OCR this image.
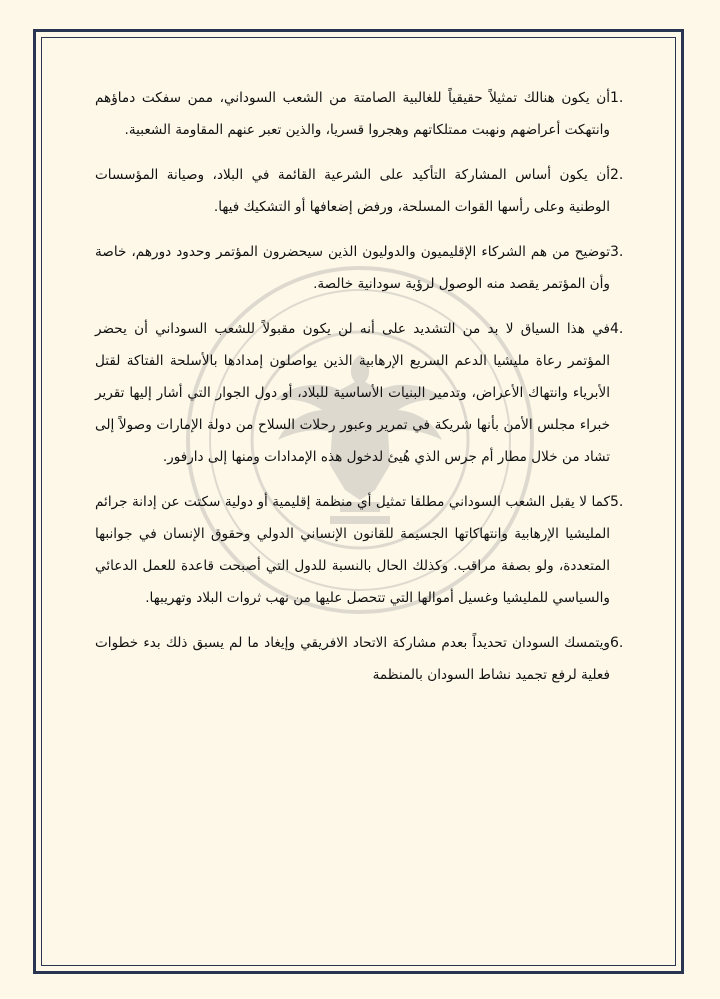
1.
أن يكون هنالك تمثيلاً حقيقياً للغالبية الصامتة من الشعب السوداني، ممن سفكت دماؤهم وانتهكت أعراضهم ونهبت ممتلكاتهم وهجروا قسريا، والذين تعبر عنهم المقاومة الشعبية.
2.
أن يكون أساس المشاركة التأكيد على الشرعية القائمة في البلاد، وصيانة المؤسسات الوطنية وعلى رأسها القوات المسلحة، ورفض إضعافها أو التشكيك فيها.
3.
توضيح من هم الشركاء الإقليميون والدوليون الذين سيحضرون المؤتمر وحدود دورهم، خاصة وأن المؤتمر يقصد منه الوصول لرؤية سودانية خالصة.
4.
في هذا السياق لا بد من التشديد على أنه لن يكون مقبولاً للشعب السوداني أن يحضر المؤتمر رعاة مليشيا الدعم السريع الإرهابية الذين يواصلون إمدادها بالأسلحة الفتاكة لقتل الأبرياء وانتهاك الأعراض، وتدمير البنيات الأساسية للبلاد، أو دول الجوار التي أشار إليها تقرير خبراء مجلس الأمن بأنها شريكة في تمرير وعبور رحلات السلاح من دولة الإمارات وصولاً إلى تشاد من خلال مطار أم جرس الذي هُيئ لدخول هذه الإمدادات ومنها إلى دارفور.
5.
كما لا يقبل الشعب السوداني مطلقا تمثيل أي منظمة إقليمية أو دولية سكتت عن إدانة جرائم المليشيا الإرهابية وانتهاكاتها الجسيمة للقانون الإنساني الدولي وحقوق الإنسان في جوانبها المتعددة، ولو بصفة مراقب. وكذلك الحال بالنسبة للدول التي أصبحت قاعدة للعمل الدعائي والسياسي للمليشيا وغسيل أموالها التي تتحصل عليها من نهب ثروات البلاد وتهريبها.
6.
ويتمسك السودان تحديداً بعدم مشاركة الاتحاد الافريقي وإيغاد ما لم يسبق ذلك بدء خطوات فعلية لرفع تجميد نشاط السودان بالمنظمة
